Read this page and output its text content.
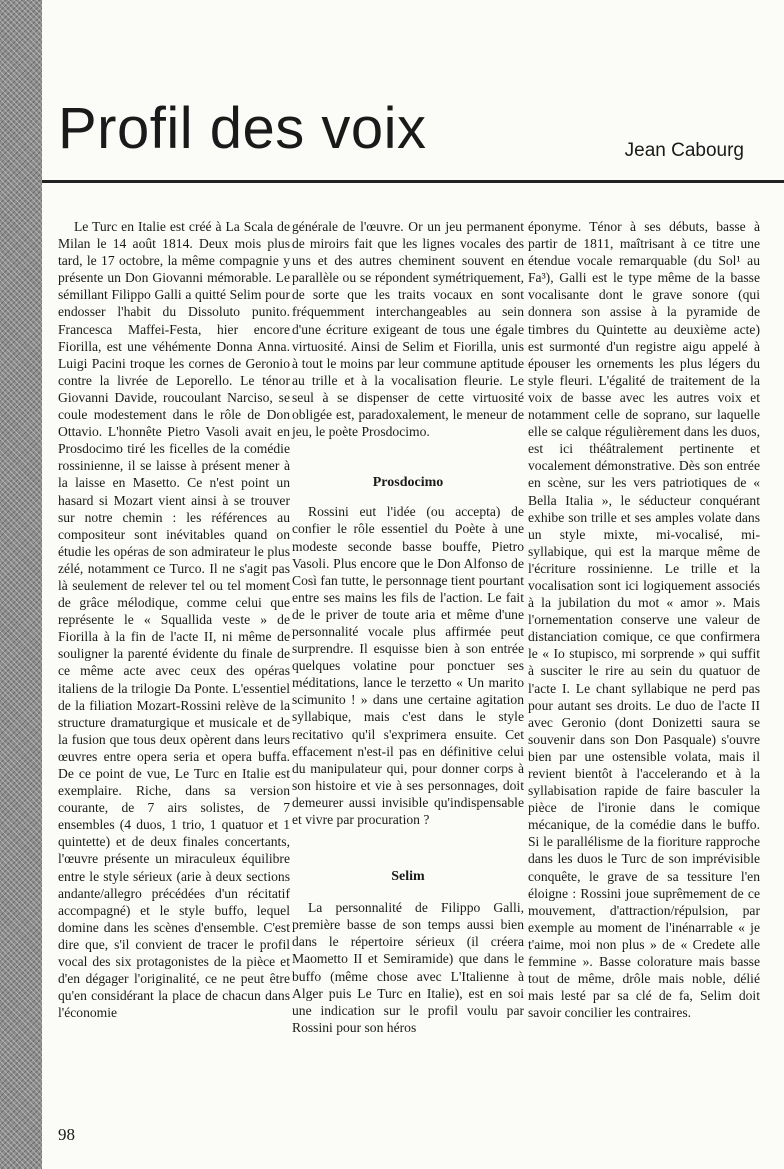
Profil des voix	Jean Cabourg

Le Turc en Italie est créé à La Scala de Milan le 14 août 1814. Deux mois plus tard, le 17 octobre, la même compagnie y présente un Don Giovanni mémorable. Le sémillant Filippo Galli a quitté Selim pour endosser l'habit du Dissoluto punito. Francesca Maffei-Festa, hier encore Fiorilla, est une véhémente Donna Anna. Luigi Pacini troque les cornes de Geronio contre la livrée de Leporello. Le ténor Giovanni Davide, roucoulant Narciso, se coule modestement dans le rôle de Don Ottavio. L'honnête Pietro Vasoli avait en Prosdocimo tiré les ficelles de la comédie rossinienne, il se laisse à présent mener à la laisse en Masetto. Ce n'est point un hasard si Mozart vient ainsi à se trouver sur notre chemin : les références au compositeur sont inévitables quand on étudie les opéras de son admirateur le plus zélé, notamment ce Turco. Il ne s'agit pas là seulement de relever tel ou tel moment de grâce mélodique, comme celui que représente le « Squallida veste » de Fiorilla à la fin de l'acte II, ni même de souligner la parenté évidente du finale de ce même acte avec ceux des opéras italiens de la trilogie Da Ponte. L'essentiel de la filiation Mozart-Rossini relève de la structure dramaturgique et musicale et de la fusion que tous deux opèrent dans leurs œuvres entre opera seria et opera buffa. De ce point de vue, Le Turc en Italie est exemplaire. Riche, dans sa version courante, de 7 airs solistes, de 7 ensembles (4 duos, 1 trio, 1 quatuor et 1 quintette) et de deux finales concertants, l'œuvre présente un miraculeux équilibre entre le style sérieux (arie à deux sections andante/allegro précédées d'un récitatif accompagné) et le style buffo, lequel domine dans les scènes d'ensemble. C'est dire que, s'il convient de tracer le profil vocal des six protagonistes de la pièce et d'en dégager l'originalité, ce ne peut être qu'en considérant la place de chacun dans l'économie

générale de l'œuvre. Or un jeu permanent de miroirs fait que les lignes vocales des uns et des autres cheminent souvent en parallèle ou se répondent symétriquement, de sorte que les traits vocaux en sont fréquemment interchangeables au sein d'une écriture exigeant de tous une égale virtuosité. Ainsi de Selim et Fiorilla, unis à tout le moins par leur commune aptitude au trille et à la vocalisation fleurie. Le seul à se dispenser de cette virtuosité obligée est, paradoxalement, le meneur de jeu, le poète Prosdocimo.

Prosdocimo

Rossini eut l'idée (ou accepta) de confier le rôle essentiel du Poète à une modeste seconde basse bouffe, Pietro Vasoli. Plus encore que le Don Alfonso de Così fan tutte, le personnage tient pourtant entre ses mains les fils de l'action. Le fait de le priver de toute aria et même d'une personnalité vocale plus affirmée peut surprendre. Il esquisse bien à son entrée quelques volatine pour ponctuer ses méditations, lance le terzetto « Un marito scimunito ! » dans une certaine agitation syllabique, mais c'est dans le style recitativo qu'il s'exprimera ensuite. Cet effacement n'est-il pas en définitive celui du manipulateur qui, pour donner corps à son histoire et vie à ses personnages, doit demeurer aussi invisible qu'indispensable et vivre par procuration ?

Selim

La personnalité de Filippo Galli, première basse de son temps aussi bien dans le répertoire sérieux (il créera Maometto II et Semiramide) que dans le buffo (même chose avec L'Italienne à Alger puis Le Turc en Italie), est en soi une indication sur le profil voulu par Rossini pour son héros

éponyme. Ténor à ses débuts, basse à partir de 1811, maîtrisant à ce titre une étendue vocale remarquable (du Sol¹ au Fa³), Galli est le type même de la basse vocalisante dont le grave sonore (qui donnera son assise à la pyramide de timbres du Quintette au deuxième acte) est surmonté d'un registre aigu appelé à épouser les ornements les plus légers du style fleuri. L'égalité de traitement de la voix de basse avec les autres voix et notamment celle de soprano, sur laquelle elle se calque régulièrement dans les duos, est ici théâtralement pertinente et vocalement démonstrative. Dès son entrée en scène, sur les vers patriotiques de « Bella Italia », le séducteur conquérant exhibe son trille et ses amples volate dans un style mixte, mi-vocalisé, mi-syllabique, qui est la marque même de l'écriture rossinienne. Le trille et la vocalisation sont ici logiquement associés à la jubilation du mot « amor ». Mais l'ornementation conserve une valeur de distanciation comique, ce que confirmera le « Io stupisco, mi sorprende » qui suffit à susciter le rire au sein du quatuor de l'acte I. Le chant syllabique ne perd pas pour autant ses droits. Le duo de l'acte II avec Geronio (dont Donizetti saura se souvenir dans son Don Pasquale) s'ouvre bien par une ostensible volata, mais il revient bientôt à l'accelerando et à la syllabisation rapide de faire basculer la pièce de l'ironie dans le comique mécanique, de la comédie dans le buffo. Si le parallélisme de la fioriture rapproche dans les duos le Turc de son imprévisible conquête, le grave de sa tessiture l'en éloigne : Rossini joue suprêmement de ce mouvement, d'attraction/répulsion, par exemple au moment de l'inénarrable « je t'aime, moi non plus » de « Credete alle femmine ». Basse colorature mais basse tout de même, drôle mais noble, délié mais lesté par sa clé de fa, Selim doit savoir concilier les contraires.

98
